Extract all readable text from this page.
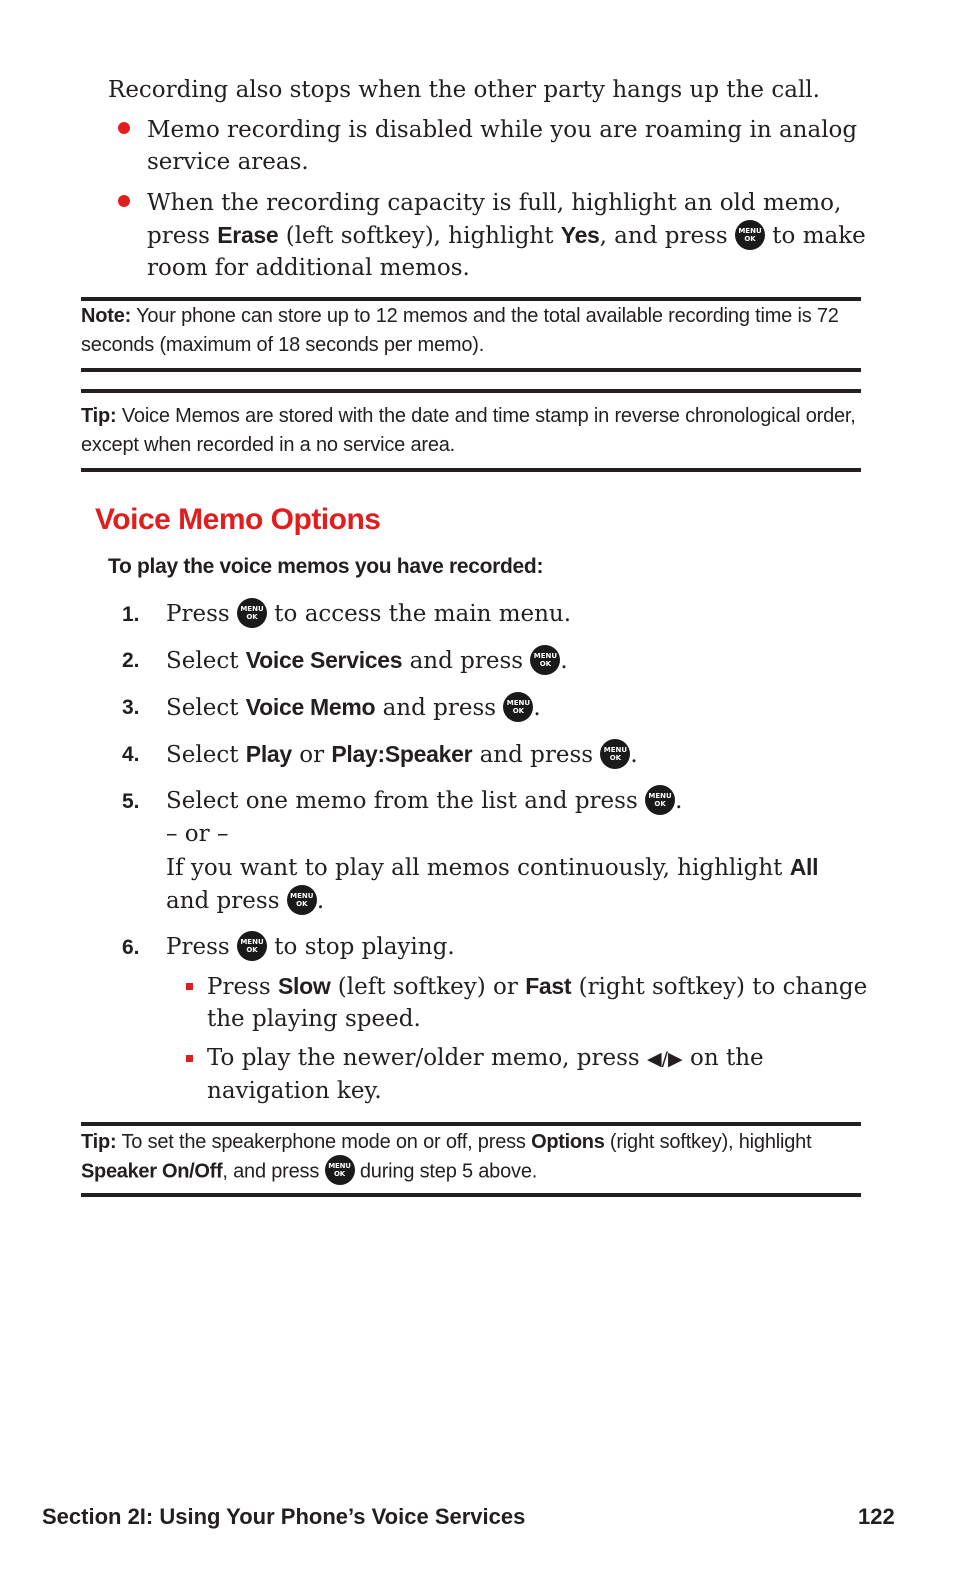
Recording also stops when the other party hangs up the call.
Memo recording is disabled while you are roaming in analog service areas.
When the recording capacity is full, highlight an old memo, press Erase (left softkey), highlight Yes, and press MENU
OK to make room for additional memos.
Note: Your phone can store up to 12 memos and the total available recording time is 72 seconds (maximum of 18 seconds per memo).
Tip: Voice Memos are stored with the date and time stamp in reverse chronological order, except when recorded in a no service area.
Voice Memo Options
To play the voice memos you have recorded:
1. Press MENU
OK to access the main menu.
2. Select Voice Services and press MENU
OK .
3. Select Voice Memo and press MENU
OK .
4. Select Play or Play:Speaker and press MENU
OK .
5. Select one memo from the list and press MENU
OK .
– or –
If you want to play all memos continuously, highlight All and press MENU
OK .
6. Press MENU
OK to stop playing.
Press Slow (left softkey) or Fast (right softkey) to change the playing speed.
To play the newer/older memo, press ◀/▶ on the navigation key.
Tip: To set the speakerphone mode on or off, press Options (right softkey), highlight Speaker On/Off, and press MENU
OK during step 5 above.
Section 2I: Using Your Phone’s Voice Services	122
